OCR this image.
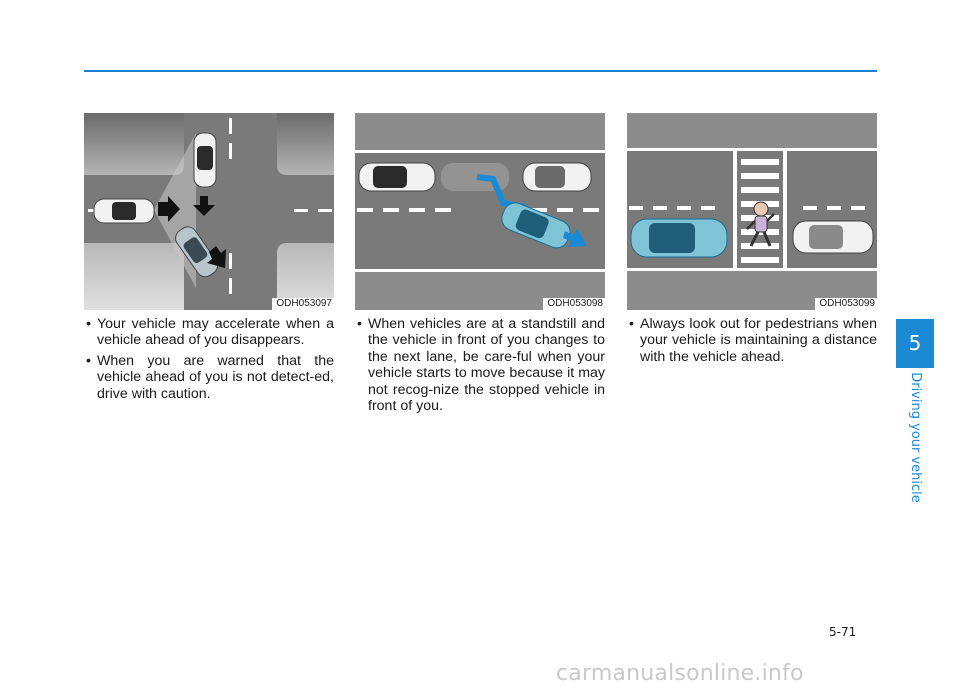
ODH053097	ODH053098	ODH053099

• Your vehicle may accelerate when a vehicle ahead of you disappears.

• When you are warned that the vehicle ahead of you is not detect-ed, drive with caution.

• When vehicles are at a standstill and the vehicle in front of you changes to the next lane, be care-ful when your vehicle starts to move because it may not recog-nize the stopped vehicle in front of you.

• Always look out for pedestrians when your vehicle is maintaining a distance with the vehicle ahead.

5
Driving your vehicle
5-71
carmanualsonline.info
